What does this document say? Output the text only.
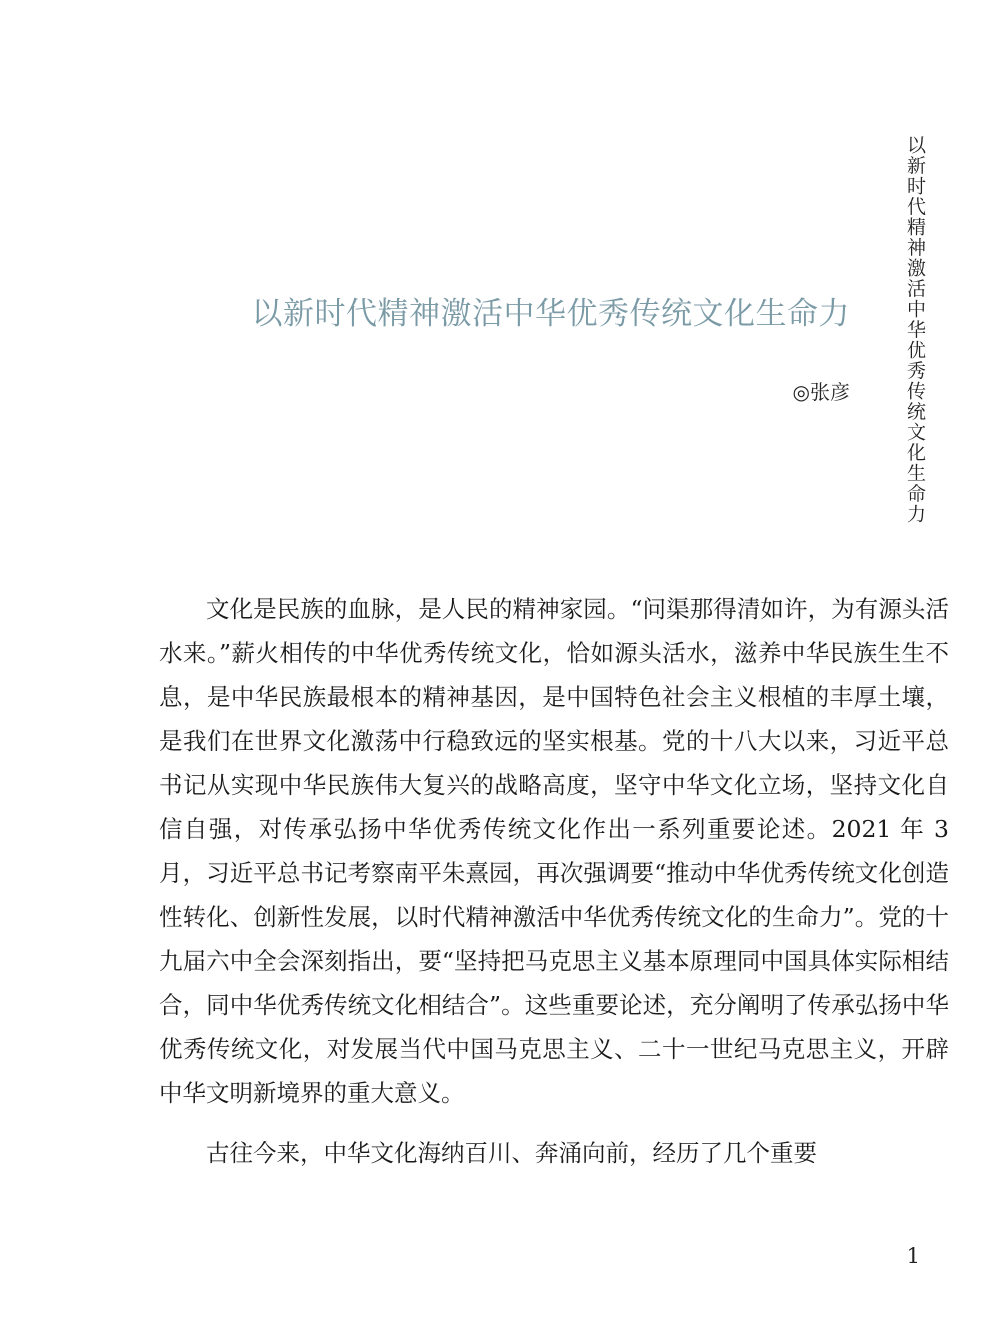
以新时代精神激活中华优秀传统文化生命力
以新时代精神激活中华优秀传统文化生命力
◎张彦

文化是民族的血脉，是人民的精神家园。“问渠那得清如许，为有源头活水来。”薪火相传的中华优秀传统文化，恰如源头活水，滋养中华民族生生不息，是中华民族最根本的精神基因，是中国特色社会主义根植的丰厚土壤，是我们在世界文化激荡中行稳致远的坚实根基。党的十八大以来，习近平总书记从实现中华民族伟大复兴的战略高度，坚守中华文化立场，坚持文化自信自强，对传承弘扬中华优秀传统文化作出一系列重要论述。2021 年 3 月，习近平总书记考察南平朱熹园，再次强调要“推动中华优秀传统文化创造性转化、创新性发展，以时代精神激活中华优秀传统文化的生命力”。党的十九届六中全会深刻指出，要“坚持把马克思主义基本原理同中国具体实际相结合，同中华优秀传统文化相结合”。这些重要论述，充分阐明了传承弘扬中华优秀传统文化，对发展当代中国马克思主义、二十一世纪马克思主义，开辟中华文明新境界的重大意义。

古往今来，中华文化海纳百川、奔涌向前，经历了几个重要

1
